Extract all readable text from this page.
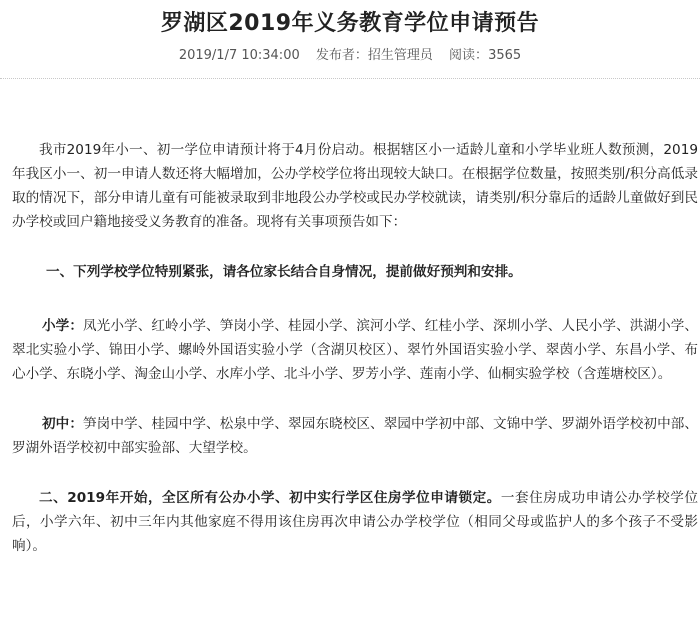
罗湖区2019年义务教育学位申请预告
2019/1/7 10:34:00 发布者：招生管理员 阅读：3565

我市2019年小一、初一学位申请预计将于4月份启动。根据辖区小一适龄儿童和小学毕业班人数预测，2019年我区小一、初一申请人数还将大幅增加，公办学校学位将出现较大缺口。在根据学位数量，按照类别/积分高低录取的情况下，部分申请儿童有可能被录取到非地段公办学校或民办学校就读，请类别/积分靠后的适龄儿童做好到民办学校或回户籍地接受义务教育的准备。现将有关事项预告如下：

一、下列学校学位特别紧张，请各位家长结合自身情况，提前做好预判和安排。

小学：凤光小学、红岭小学、笋岗小学、桂园小学、滨河小学、红桂小学、深圳小学、人民小学、洪湖小学、翠北实验小学、锦田小学、螺岭外国语实验小学（含湖贝校区）、翠竹外国语实验小学、翠茵小学、东昌小学、布心小学、东晓小学、淘金山小学、水库小学、北斗小学、罗芳小学、莲南小学、仙桐实验学校（含莲塘校区）。

初中：笋岗中学、桂园中学、松泉中学、翠园东晓校区、翠园中学初中部、文锦中学、罗湖外语学校初中部、罗湖外语学校初中部实验部、大望学校。

二、2019年开始，全区所有公办小学、初中实行学区住房学位申请锁定。一套住房成功申请公办学校学位后，小学六年、初中三年内其他家庭不得用该住房再次申请公办学校学位（相同父母或监护人的多个孩子不受影响）。
